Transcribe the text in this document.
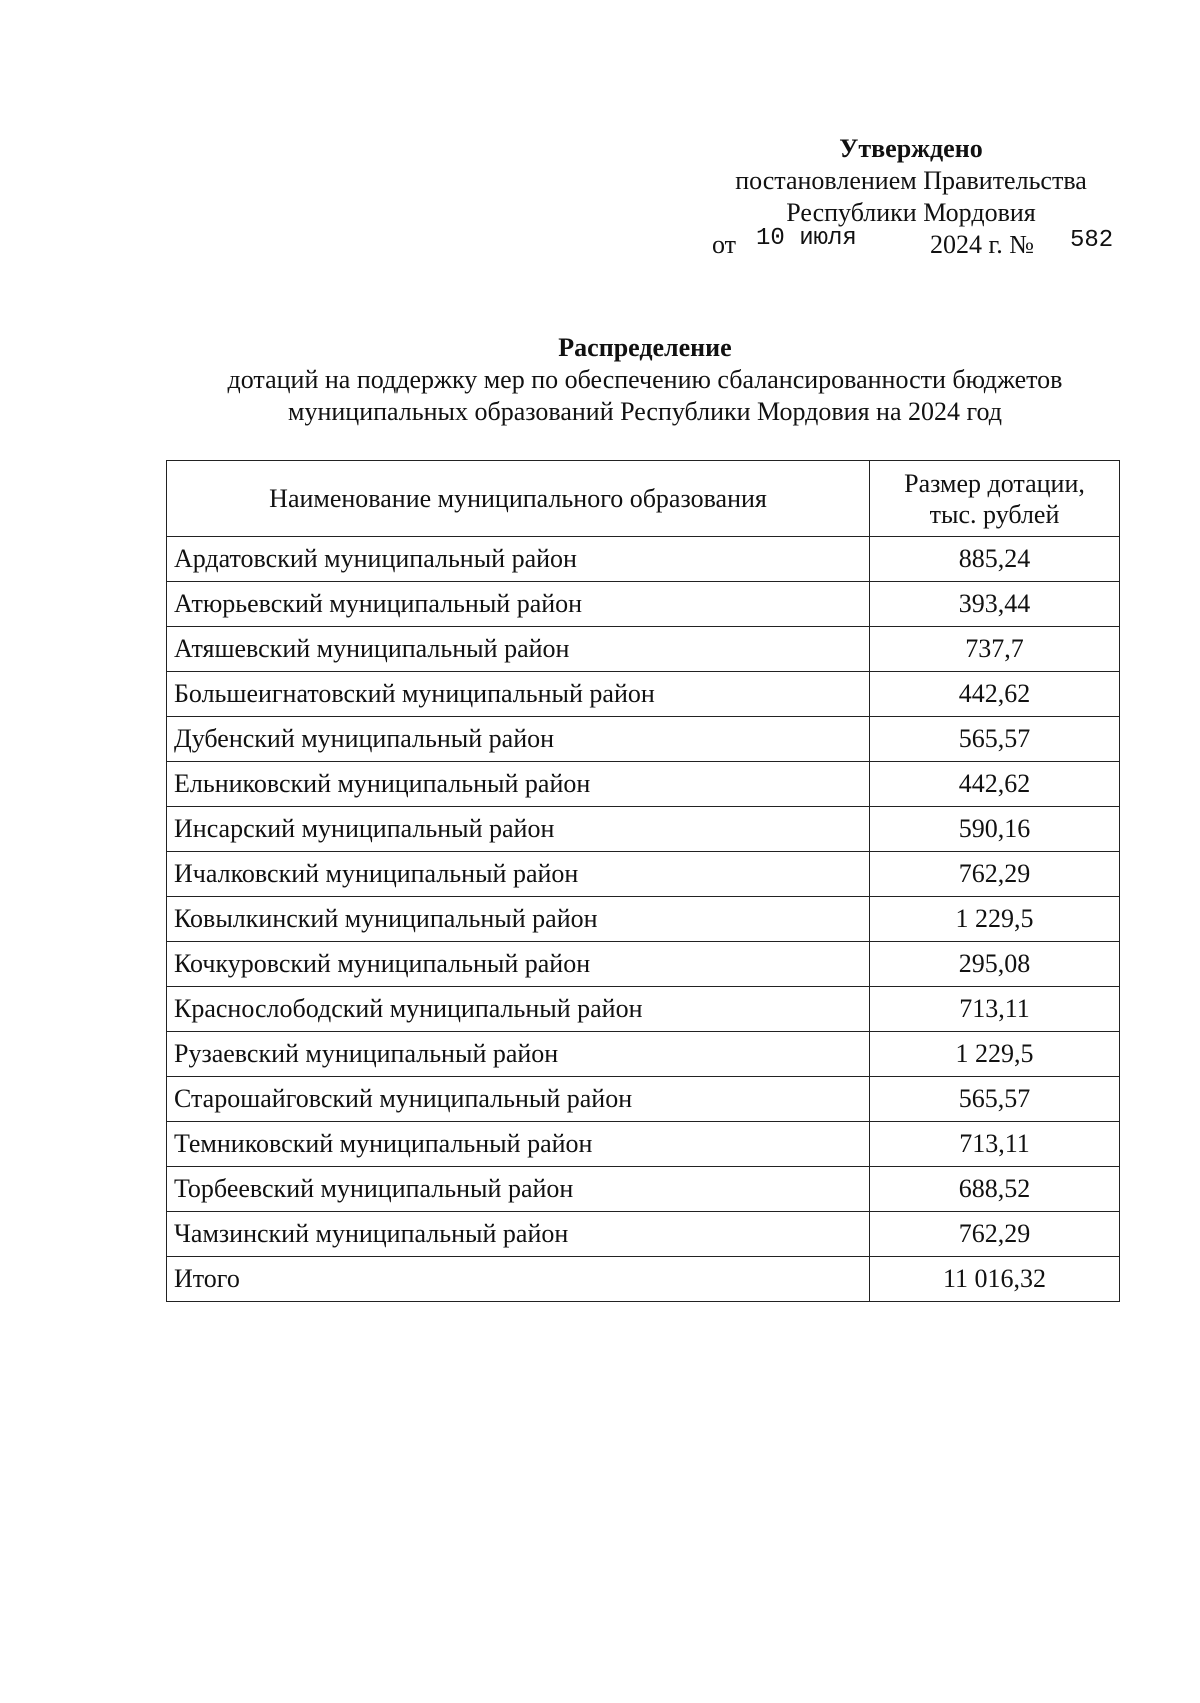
Утверждено
постановлением Правительства
Республики Мордовия
от 10 июля	2024 г. № 582
Распределение
дотаций на поддержку мер по обеспечению сбалансированности бюджетов
муниципальных образований Республики Мордовия на 2024 год
Наименование муниципального образования	Размер дотации,
тыс. рублей

Ардатовский муниципальный район	885,24
Атюрьевский муниципальный район	393,44
Атяшевский муниципальный район	737,7
Большеигнатовский муниципальный район	442,62
Дубенский муниципальный район	565,57
Ельниковский муниципальный район	442,62
Инсарский муниципальный район	590,16
Ичалковский муниципальный район	762,29
Ковылкинский муниципальный район	1 229,5
Кочкуровский муниципальный район	295,08
Краснослободский муниципальный район	713,11
Рузаевский муниципальный район	1 229,5
Старошайговский муниципальный район	565,57
Темниковский муниципальный район	713,11
Торбеевский муниципальный район	688,52
Чамзинский муниципальный район	762,29
Итого	11 016,32
